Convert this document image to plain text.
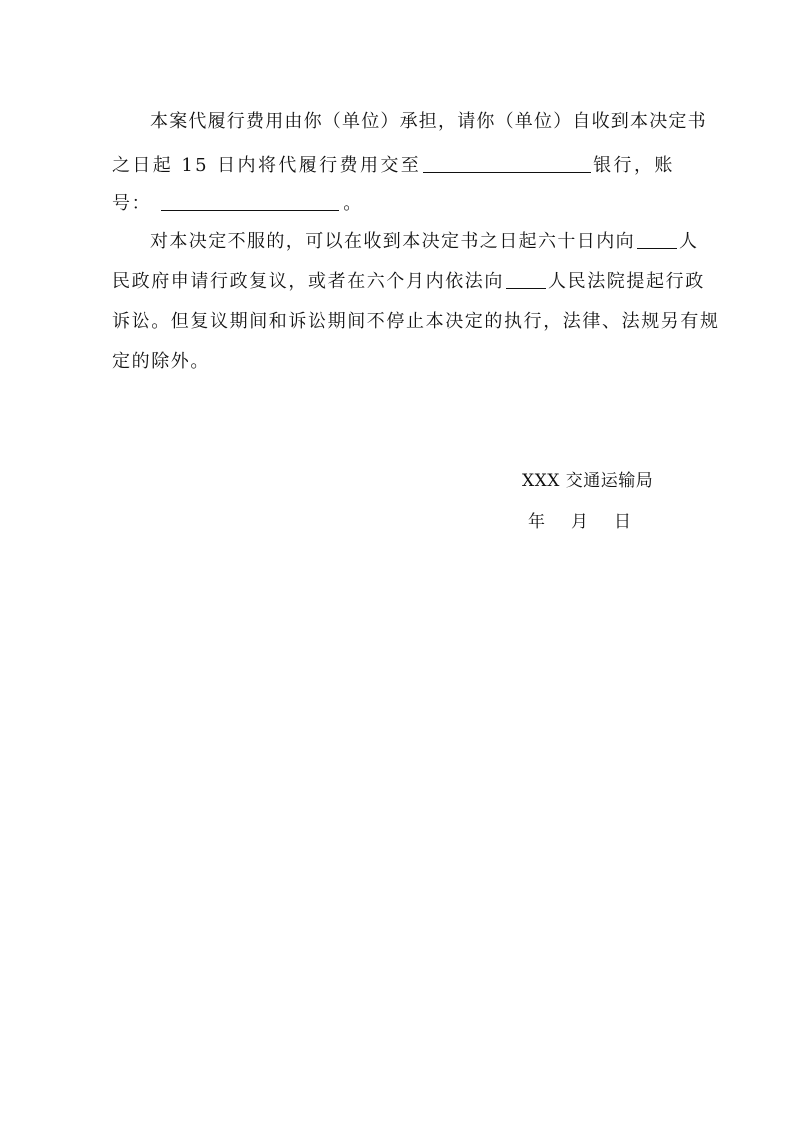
本案代履行费用由你（单位）承担，请你（单位）自收到本决定书
之日起 15 日内将代履行费用交至	银行，账
号：	。
对本决定不服的，可以在收到本决定书之日起六十日内向 人
民政府申请行政复议，或者在六个月内依法向 人民法院提起行政
诉讼。但复议期间和诉讼期间不停止本决定的执行，法律、法规另有规
定的除外。
XXX 交通运输局
年 月 日
